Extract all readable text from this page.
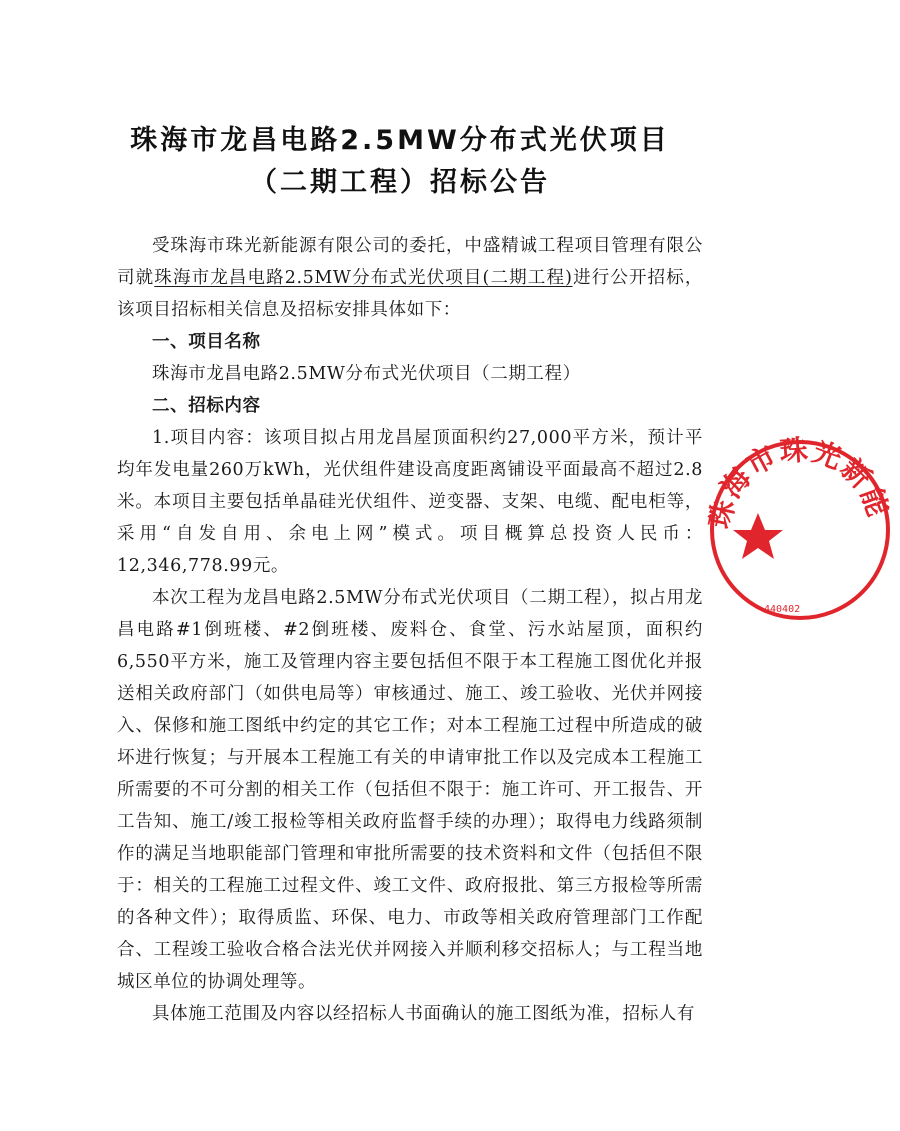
珠海市龙昌电路2.5MW分布式光伏项目
（二期工程）招标公告

受珠海市珠光新能源有限公司的委托，中盛精诚工程项目管理有限公司就珠海市龙昌电路2.5MW分布式光伏项目(二期工程)进行公开招标，该项目招标相关信息及招标安排具体如下：

一、项目名称

珠海市龙昌电路2.5MW分布式光伏项目（二期工程）

二、招标内容

1.项目内容：该项目拟占用龙昌屋顶面积约27,000平方米，预计平均年发电量260万kWh，光伏组件建设高度距离铺设平面最高不超过2.8米。本项目主要包括单晶硅光伏组件、逆变器、支架、电缆、配电柜等，采用“自发自用、余电上网”模式。项目概算总投资人民币：12,346,778.99元。

本次工程为龙昌电路2.5MW分布式光伏项目（二期工程），拟占用龙昌电路#1倒班楼、#2倒班楼、废料仓、食堂、污水站屋顶，面积约6,550平方米，施工及管理内容主要包括但不限于本工程施工图优化并报送相关政府部门（如供电局等）审核通过、施工、竣工验收、光伏并网接入、保修和施工图纸中约定的其它工作；对本工程施工过程中所造成的破坏进行恢复；与开展本工程施工有关的申请审批工作以及完成本工程施工所需要的不可分割的相关工作（包括但不限于：施工许可、开工报告、开工告知、施工/竣工报检等相关政府监督手续的办理）；取得电力线路须制作的满足当地职能部门管理和审批所需要的技术资料和文件（包括但不限于：相关的工程施工过程文件、竣工文件、政府报批、第三方报检等所需的各种文件）；取得质监、环保、电力、市政等相关政府管理部门工作配合、工程竣工验收合格合法光伏并网接入并顺利移交招标人；与工程当地城区单位的协调处理等。

具体施工范围及内容以经招标人书面确认的施工图纸为准，招标人有

珠海市珠光新能
440402
